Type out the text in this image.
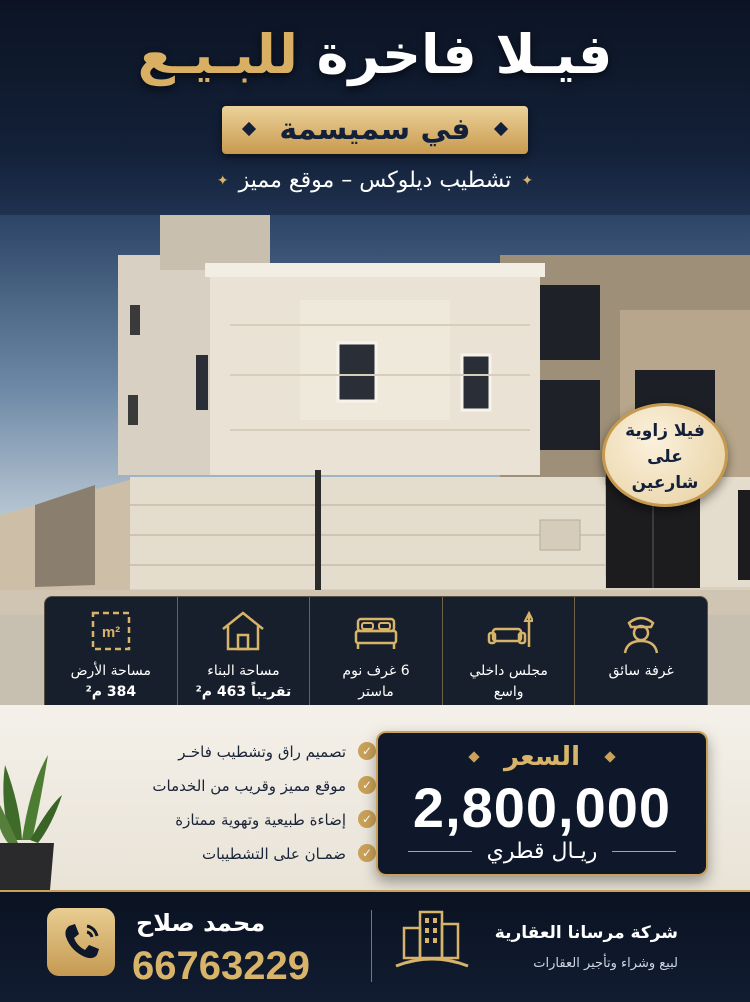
فيـلا فاخرة للبـيـع
في سميسمة
✦تشطيب ديلوكس – موقع مميز✦
فيلا زاوية
على
شارعين
غرفة سائق
مجلس داخلي
واسع
6 غرف نوم
ماستر
مساحة البناء
تقريباً 463 م²
m²
مساحة الأرض
384 م²
✓
تصميم راق وتشطيب فاخـر
✓
موقع مميز وقريب من الخدمات
✓
إضاءة طبيعية وتهوية ممتازة
✓
ضمـان على التشطيبات
السعر
2,800,000
ريـال قطري
محمد صلاح
66763229
شركة مرسانا العقارية
لبيع وشراء وتأجير العقارات
